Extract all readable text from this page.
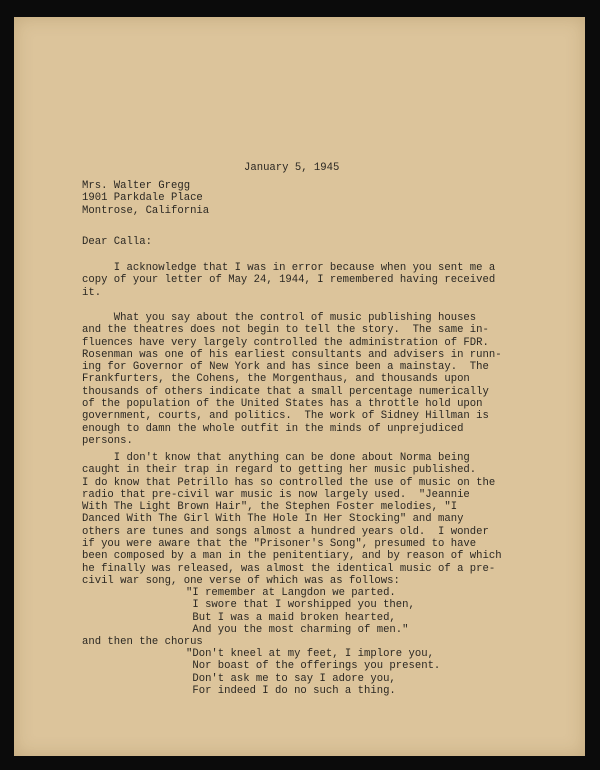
January 5, 1945
Mrs. Walter Gregg
1901 Parkdale Place
Montrose, California
Dear Calla:
I acknowledge that I was in error because when you sent me a
copy of your letter of May 24, 1944, I remembered having received
it.
What you say about the control of music publishing houses
and the theatres does not begin to tell the story.  The same in-
fluences have very largely controlled the administration of FDR.
Rosenman was one of his earliest consultants and advisers in runn-
ing for Governor of New York and has since been a mainstay.  The
Frankfurters, the Cohens, the Morgenthaus, and thousands upon
thousands of others indicate that a small percentage numerically
of the population of the United States has a throttle hold upon
government, courts, and politics.  The work of Sidney Hillman is
enough to damn the whole outfit in the minds of unprejudiced
persons.
I don't know that anything can be done about Norma being
caught in their trap in regard to getting her music published.
I do know that Petrillo has so controlled the use of music on the
radio that pre-civil war music is now largely used.  "Jeannie
With The Light Brown Hair", the Stephen Foster melodies, "I
Danced With The Girl With The Hole In Her Stocking" and many
others are tunes and songs almost a hundred years old.  I wonder
if you were aware that the "Prisoner's Song", presumed to have
been composed by a man in the penitentiary, and by reason of which
he finally was released, was almost the identical music of a pre-
civil war song, one verse of which was as follows:
"I remember at Langdon we parted.
I swore that I worshipped you then,
But I was a maid broken hearted,
And you the most charming of men."
and then the chorus
"Don't kneel at my feet, I implore you,
Nor boast of the offerings you present.
Don't ask me to say I adore you,
For indeed I do no such a thing.
